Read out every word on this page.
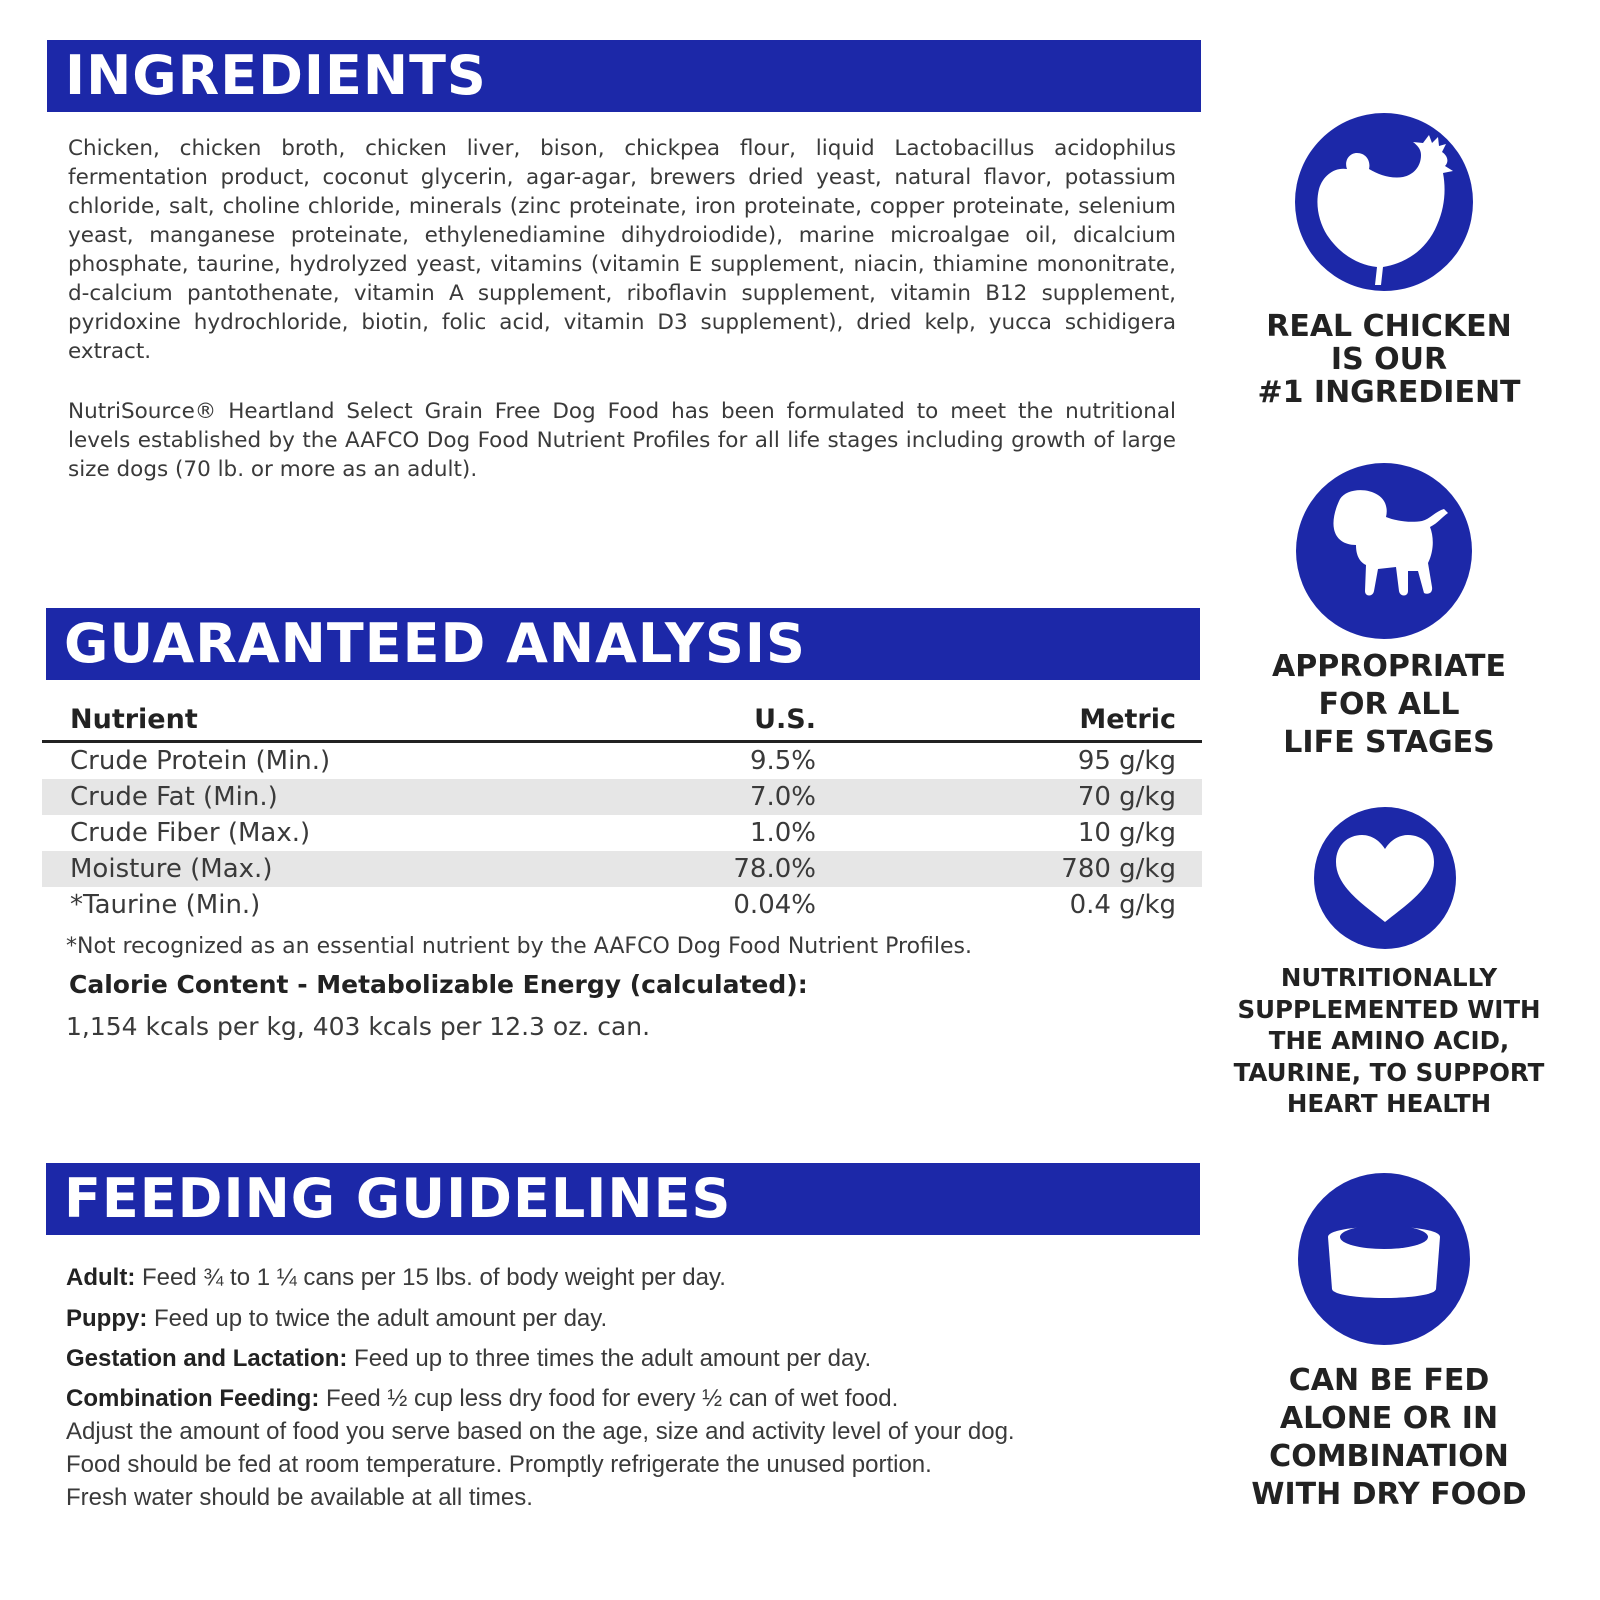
INGREDIENTS

Chicken, chicken broth, chicken liver, bison, chickpea flour, liquid Lactobacillus acidophilus fermentation product, coconut glycerin, agar-agar, brewers dried yeast, natural flavor, potassium chloride, salt, choline chloride, minerals (zinc proteinate, iron proteinate, copper proteinate, selenium yeast, manganese proteinate, ethylenediamine dihydroiodide), marine microalgae oil, dicalcium phosphate, taurine, hydrolyzed yeast, vitamins (vitamin E supplement, niacin, thiamine mononitrate, d-calcium pantothenate, vitamin A supplement, riboflavin supplement, vitamin B12 supplement, pyridoxine hydrochloride, biotin, folic acid, vitamin D3 supplement), dried kelp, yucca schidigera extract.

NutriSource® Heartland Select Grain Free Dog Food has been formulated to meet the nutritional levels established by the AAFCO Dog Food Nutrient Profiles for all life stages including growth of large size dogs (70 lb. or more as an adult).

GUARANTEED ANALYSIS
Nutrient	U.S.	Metric
Crude Protein (Min.)	9.5%	95 g/kg
Crude Fat (Min.)	7.0%	70 g/kg
Crude Fiber (Max.)	1.0%	10 g/kg
Moisture (Max.)	78.0%	780 g/kg
*Taurine (Min.)	0.04%	0.4 g/kg

*Not recognized as an essential nutrient by the AAFCO Dog Food Nutrient Profiles.

Calorie Content - Metabolizable Energy (calculated):

1,154 kcals per kg, 403 kcals per 12.3 oz. can.

FEEDING GUIDELINES

Adult: Feed ¾ to 1 ¼ cans per 15 lbs. of body weight per day.

Puppy: Feed up to twice the adult amount per day.

Gestation and Lactation: Feed up to three times the adult amount per day.

Combination Feeding: Feed ½ cup less dry food for every ½ can of wet food.

Adjust the amount of food you serve based on the age, size and activity level of your dog.

Food should be fed at room temperature. Promptly refrigerate the unused portion.

Fresh water should be available at all times.

REAL CHICKEN
IS OUR
#1 INGREDIENT

APPROPRIATE
FOR ALL
LIFE STAGES

NUTRITIONALLY
SUPPLEMENTED WITH
THE AMINO ACID,
TAURINE, TO SUPPORT
HEART HEALTH

CAN BE FED
ALONE OR IN
COMBINATION
WITH DRY FOOD
